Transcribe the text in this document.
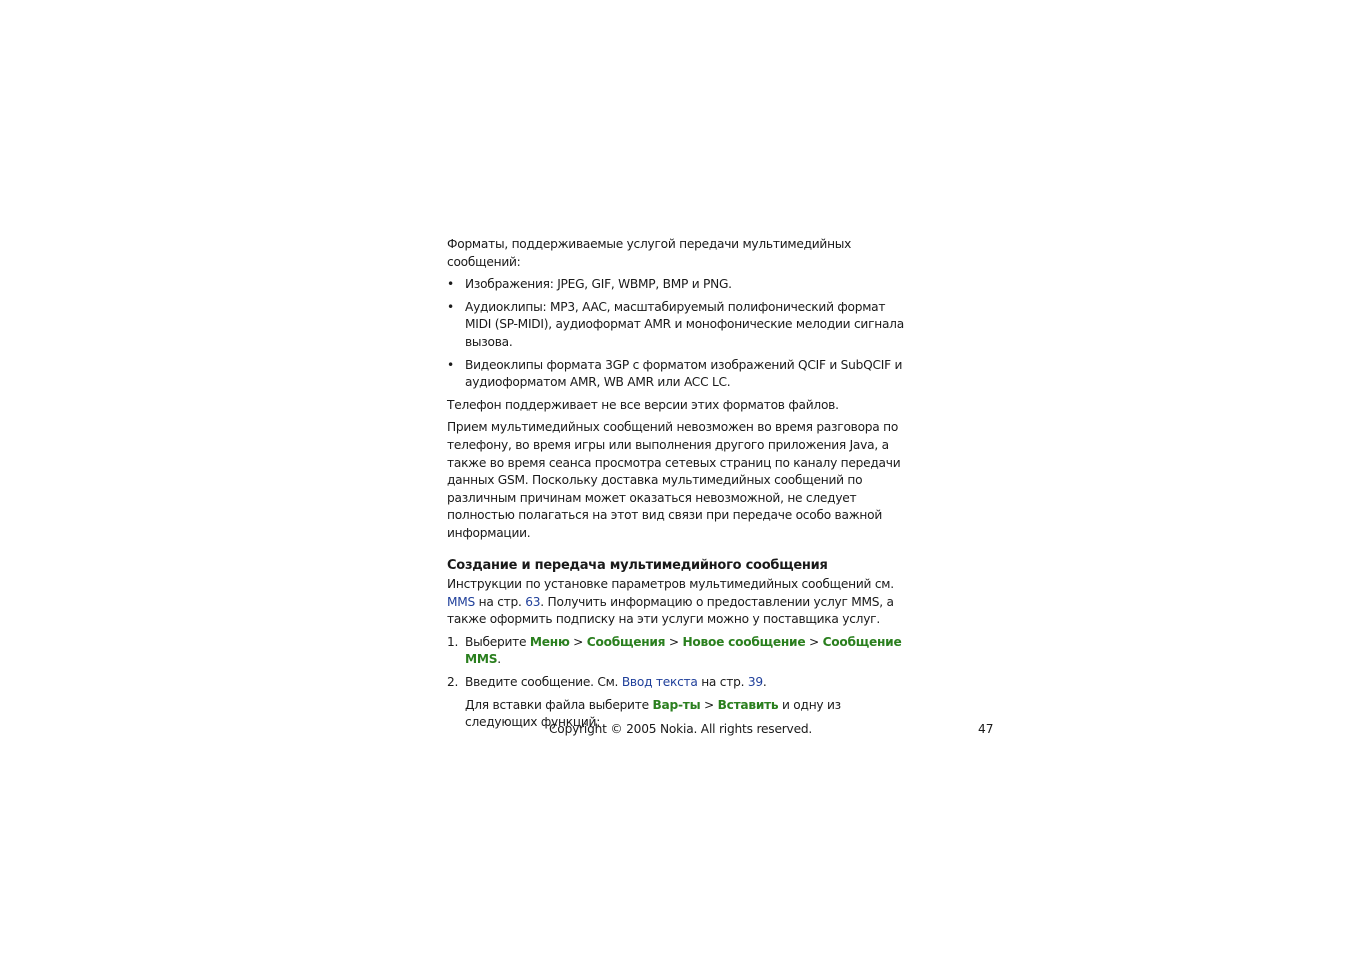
Форматы, поддерживаемые услугой передачи мультимедийных сообщений:

• Изображения: JPEG, GIF, WBMP, BMP и PNG.
• Аудиоклипы: MP3, AAC, масштабируемый полифонический формат MIDI (SP-MIDI), аудиоформат AMR и монофонические мелодии сигнала вызова.
• Видеоклипы формата 3GP с форматом изображений QCIF и SubQCIF и аудиоформатом AMR, WB AMR или ACC LC.

Телефон поддерживает не все версии этих форматов файлов.

Прием мультимедийных сообщений невозможен во время разговора по телефону, во время игры или выполнения другого приложения Java, а также во время сеанса просмотра сетевых страниц по каналу передачи данных GSM. Поскольку доставка мультимедийных сообщений по различным причинам может оказаться невозможной, не следует полностью полагаться на этот вид связи при передаче особо важной информации.

Создание и передача мультимедийного сообщения

Инструкции по установке параметров мультимедийных сообщений см. MMS на стр. 63. Получить информацию о предоставлении услуг MMS, а также оформить подписку на эти услуги можно у поставщика услуг.

1. Выберите Меню > Сообщения > Новое сообщение > Сообщение MMS.
2. Введите сообщение. См. Ввод текста на стр. 39.

Для вставки файла выберите Вар-ты > Вставить и одну из следующих функций:

Copyright © 2005 Nokia. All rights reserved.	47
